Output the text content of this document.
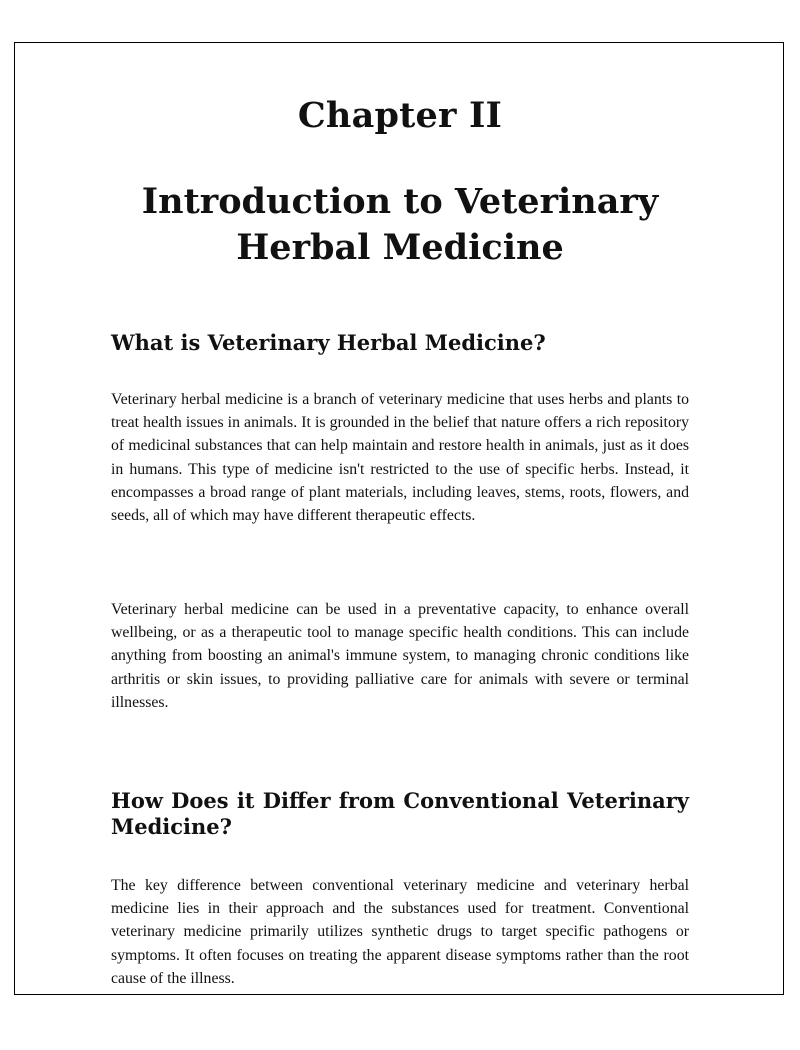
Chapter II
Introduction to Veterinary
Herbal Medicine
What is Veterinary Herbal Medicine?

Veterinary herbal medicine is a branch of veterinary medicine that uses herbs and plants to treat health issues in animals. It is grounded in the belief that nature offers a rich repository of medicinal substances that can help maintain and restore health in animals, just as it does in humans. This type of medicine isn't restricted to the use of specific herbs. Instead, it encompasses a broad range of plant materials, including leaves, stems, roots, flowers, and seeds, all of which may have different therapeutic effects.

Veterinary herbal medicine can be used in a preventative capacity, to enhance overall wellbeing, or as a therapeutic tool to manage specific health conditions. This can include anything from boosting an animal's immune system, to managing chronic conditions like arthritis or skin issues, to providing palliative care for animals with severe or terminal illnesses.

How Does it Differ from Conventional Veterinary Medicine?

The key difference between conventional veterinary medicine and veterinary herbal medicine lies in their approach and the substances used for treatment. Conventional veterinary medicine primarily utilizes synthetic drugs to target specific pathogens or symptoms. It often focuses on treating the apparent disease symptoms rather than the root cause of the illness.
